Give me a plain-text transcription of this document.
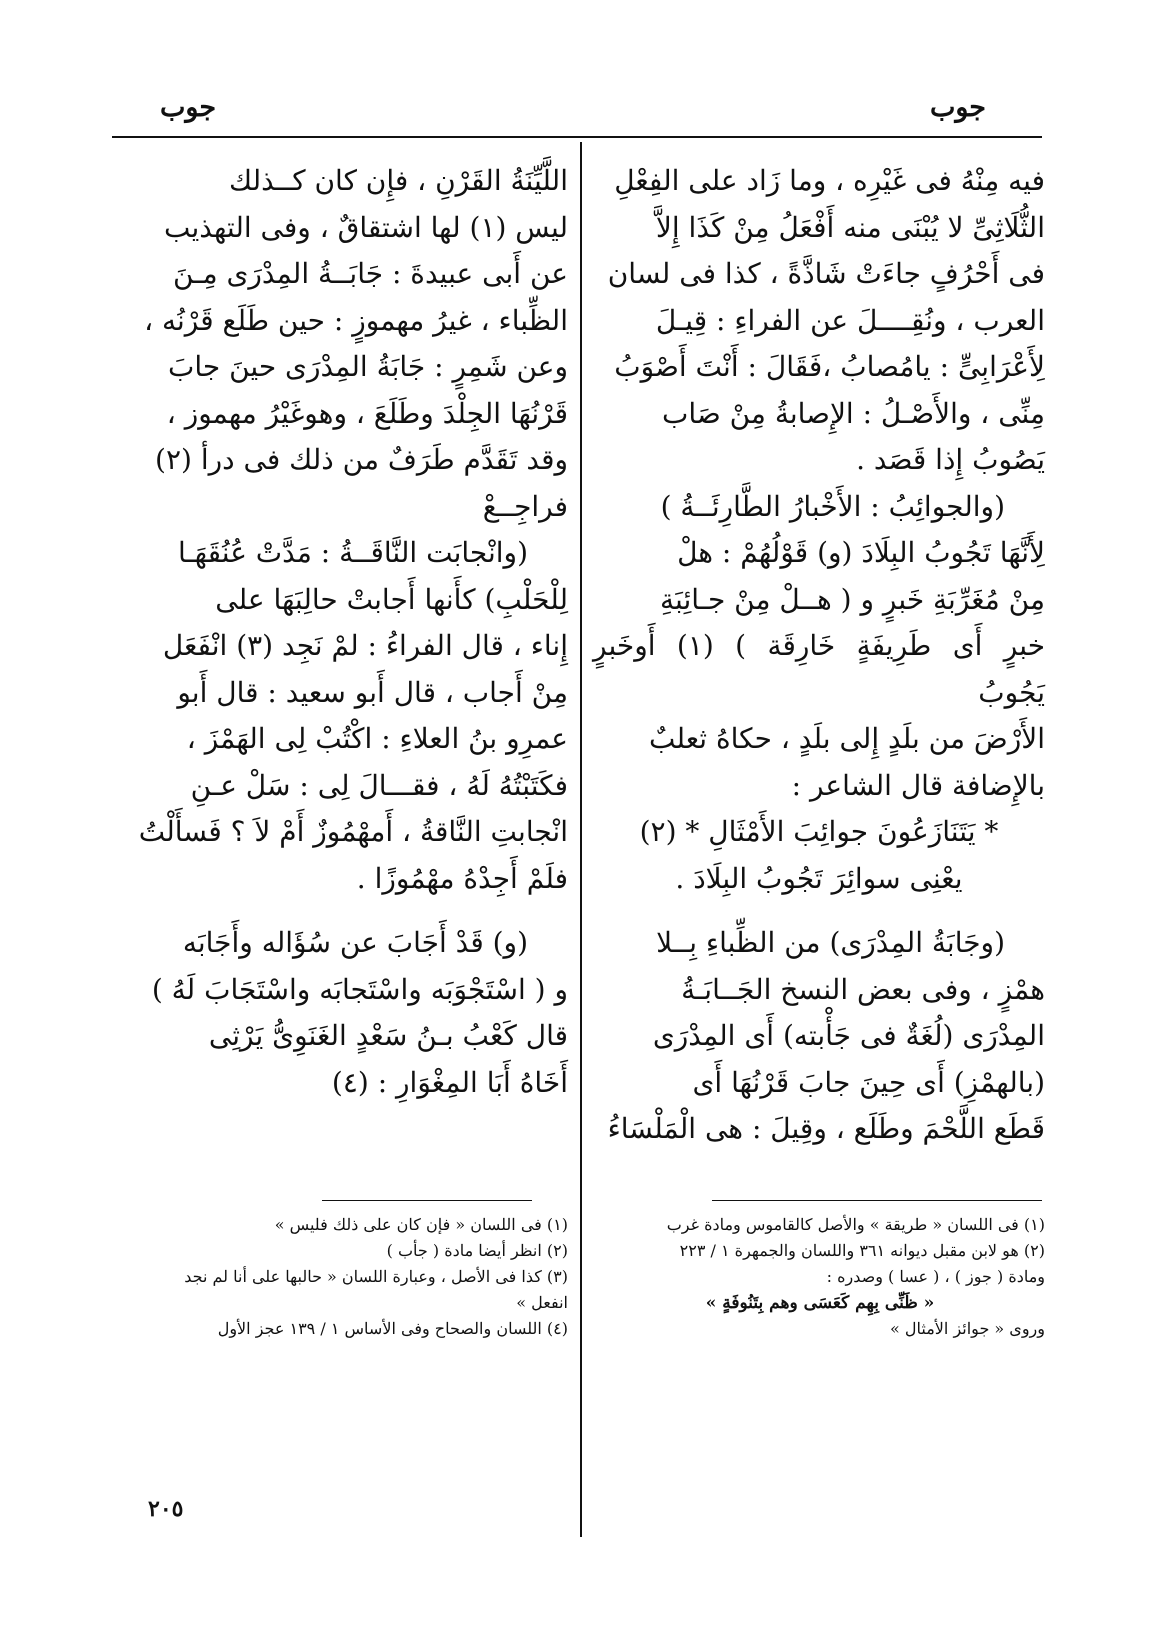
جوب
جوب

فيه مِنْهُ فى غَيْرِه ، وما زَاد على الفِعْلِ

الثُّلَاثِىِّ لا يُبْنَى منه أَفْعَلُ مِنْ كَذَا إِلاَّ

فى أَحْرُفٍ جاءَتْ شَاذَّةً ، كذا فى لسان

العرب ، ونُقِــــلَ عن الفراءِ : قِيـلَ

لِأَعْرَابِىٍّ : يامُصابُ ،فَقَالَ : أَنْتَ أَصْوَبُ

مِنِّى ، والأَصْـلُ : الإِصابةُ مِنْ صَاب

يَصُوبُ إِذا قَصَد .

(والجوائِبُ : الأَخْبارُ الطَّارِئَــةُ )

لِأَنَّهَا تَجُوبُ البِلَادَ (و) قَوْلُهُمْ : هلْ

مِنْ مُغَرِّبَةِ خَبرٍ و ( هــلْ مِنْ جـائِبَةِ

خبرٍ أَى طَرِيفَةٍ خَارِقَة ) (١) أَوخَبرٍ يَجُوبُ

الأَرْضَ من بلَدٍ إِلى بلَدٍ ، حكاهُ ثعلبٌ

بالإِضافة قال الشاعر :

* يَتَنَازَعُونَ جوائِبَ الأَمْثَالِ * (٢)

يعْنِى سوائِرَ تَجُوبُ البِلَادَ .

(وجَابَةُ المِدْرَى) من الظِّباءِ بِــلا

همْزٍ ، وفى بعض النسخ الجَــابَـةُ

المِدْرَى (لُغَةٌ فى جَأْبته) أَى المِدْرَى

(بالهمْزِ) أَى حِينَ جابَ قَرْنُهَا أَى

قَطَع اللَّحْمَ وطَلَع ، وقِيلَ : هى الْمَلْسَاءُ

اللَّيِّنَةُ القَرْنِ ، فإِن كان كــذلك

ليس (١) لها اشتقاقٌ ، وفى التهذيب

عن أَبى عبيدةَ : جَابَــةُ المِدْرَى مِـنَ

الظِّباء ، غيرُ مهموزٍ : حين طَلَع قَرْنُه ،

وعن شَمِرٍ : جَابَةُ المِدْرَى حينَ جابَ

قَرْنُهَا الجِلْدَ وطَلَعَ ، وهوغَيْرُ مهموز ،

وقد تَقَدَّم طَرَفٌ من ذلك فى درأ (٢)

فراجِــعْ

(وانْجابَت النَّاقَــةُ : مَدَّتْ عُنُقَهَـا

لِلْحَلْبِ) كأَنها أَجابتْ حالِبَهَا على

إِناء ، قال الفراءُ : لمْ نَجِد (٣) انْفَعَل

مِنْ أَجاب ، قال أَبو سعيد : قال أَبو

عمرِو بنُ العلاءِ : اكْتُبْ لِى الهَمْزَ ،

فكَتَبْتُهُ لَهُ ، فقـــالَ لِى : سَلْ عـنِ

انْجابتِ النَّاقةُ ، أَمهْمُوزٌ أَمْ لاَ ؟ فَسأَلْتُ

فلَمْ أَجِدْهُ مهْمُوزًا .

(و) قَدْ أَجَابَ عن سُؤَاله وأَجَابَه

و ( اسْتَجْوَبَه واسْتَجابَه واسْتَجَابَ لَهُ )

قال كَعْبُ بـنُ سَعْدٍ الغَنَوِىُّ يَرْثِى

أَخَاهُ أَبَا المِغْوَارِ : (٤)

(١) فى اللسان « طريقة » والأصل كالقاموس ومادة غرب

(٢) هو لابن مقبل ديوانه ٣٦١ واللسان والجمهرة ١ / ٢٢٣

ومادة ( جوز ) ، ( عسا ) وصدره :

« ظَنِّى بِهِم كَعَسَى وهم بِتَنُوفَةٍ »

وروى « جوائز الأمثال »

(١) فى اللسان « فإن كان على ذلك فليس »

(٢) انظر أيضا مادة ( جأب )

(٣) كذا فى الأصل ، وعبارة اللسان « حالبها على أنا لم نجد

انفعل »

(٤) اللسان والصحاح وفى الأساس ١ / ١٣٩ عجز الأول

٢٠٥
